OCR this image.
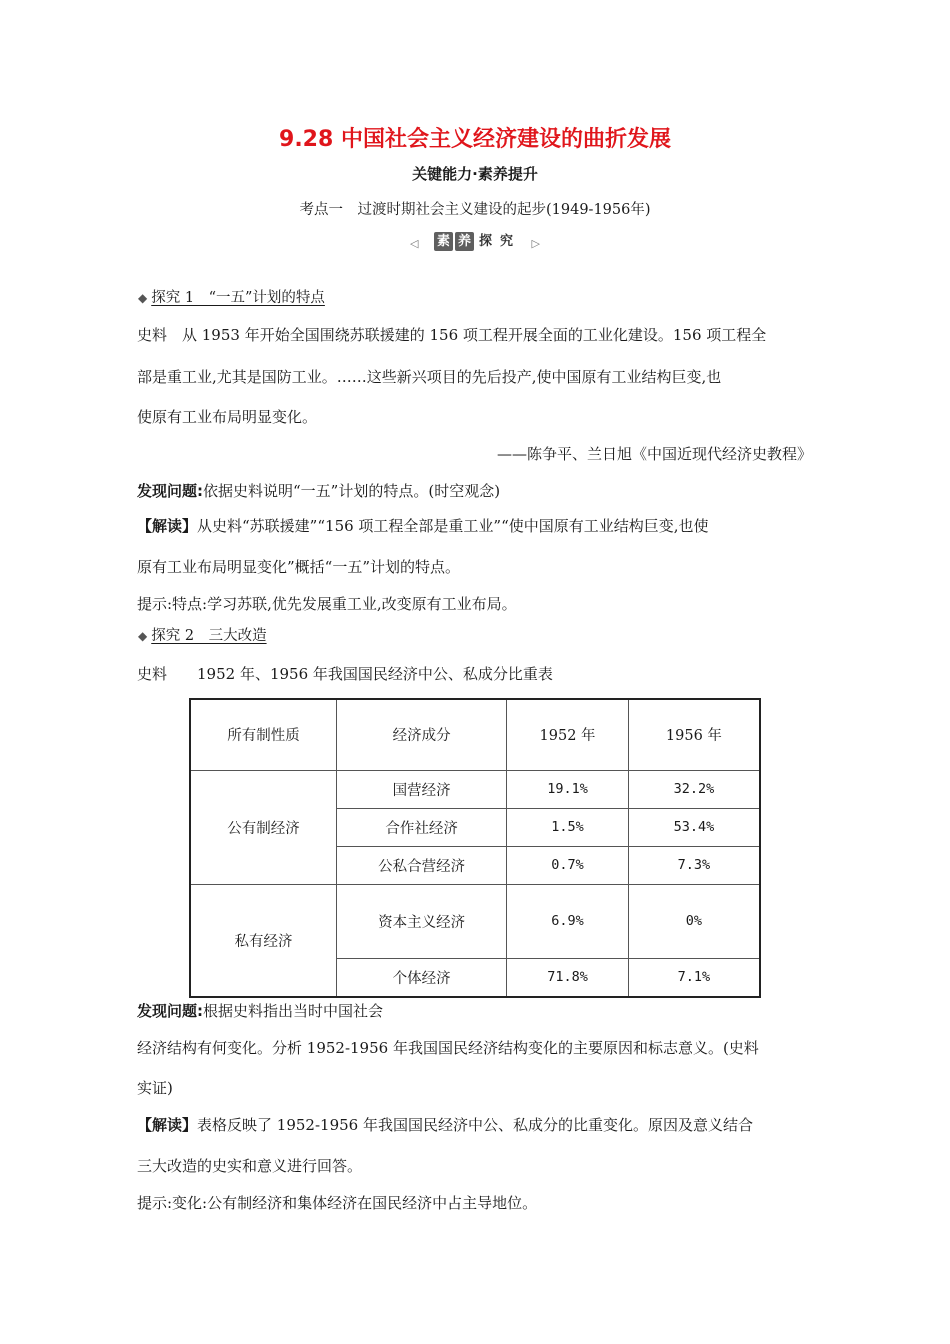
9.28 中国社会主义经济建设的曲折发展
关键能力·素养提升
考点一　过渡时期社会主义建设的起步(1949-1956年)
◁ 素 养 探 究 ▷
◆ 探究 1　“一五”计划的特点
史料　从 1953 年开始全国围绕苏联援建的 156 项工程开展全面的工业化建设。156 项工程全
部是重工业,尤其是国防工业。……这些新兴项目的先后投产,使中国原有工业结构巨变,也
使原有工业布局明显变化。
——陈争平、兰日旭《中国近现代经济史教程》
发现问题:依据史料说明“一五”计划的特点。(时空观念)
【解读】从史料“苏联援建”“156 项工程全部是重工业”“使中国原有工业结构巨变,也使
原有工业布局明显变化”概括“一五”计划的特点。
提示:特点:学习苏联,优先发展重工业,改变原有工业布局。
◆ 探究 2　三大改造
史料　　1952 年、1956 年我国国民经济中公、私成分比重表
所有制性质	经济成分	1952 年	1956 年
公有制经济	国营经济	19.1%	32.2%
	合作社经济	1.5%	53.4%
	公私合营经济	0.7%	7.3%
私有经济	资本主义经济	6.9%	0%
	个体经济	71.8%	7.1%
发现问题:根据史料指出当时中国社会
经济结构有何变化。分析 1952-1956 年我国国民经济结构变化的主要原因和标志意义。(史料
实证)
【解读】表格反映了 1952-1956 年我国国民经济中公、私成分的比重变化。原因及意义结合
三大改造的史实和意义进行回答。
提示:变化:公有制经济和集体经济在国民经济中占主导地位。
